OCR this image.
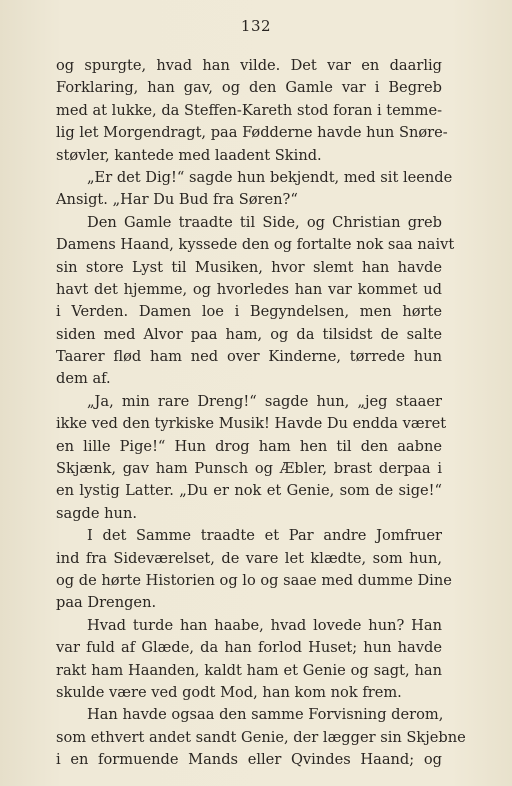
132
og spurgte, hvad han vilde. Det var en daarlig
Forklaring, han gav, og den Gamle var i Begreb
med at lukke, da Steffen-Kareth stod foran i temme-
lig let Morgendragt, paa Fødderne havde hun Snøre-
støvler, kantede med laadent Skind.
„Er det Dig!“ sagde hun bekjendt, med sit leende
Ansigt. „Har Du Bud fra Søren?“
Den Gamle traadte til Side, og Christian greb
Damens Haand, kyssede den og fortalte nok saa naivt
sin store Lyst til Musiken, hvor slemt han havde
havt det hjemme, og hvorledes han var kommet ud
i Verden. Damen loe i Begyndelsen, men hørte
siden med Alvor paa ham, og da tilsidst de salte
Taarer flød ham ned over Kinderne, tørrede hun
dem af.
„Ja, min rare Dreng!“ sagde hun, „jeg staaer
ikke ved den tyrkiske Musik! Havde Du endda været
en lille Pige!“ Hun drog ham hen til den aabne
Skjænk, gav ham Punsch og Æbler, brast derpaa i
en lystig Latter. „Du er nok et Genie, som de sige!“
sagde hun.
I det Samme traadte et Par andre Jomfruer
ind fra Sideværelset, de vare let klædte, som hun,
og de hørte Historien og lo og saae med dumme Dine
paa Drengen.
Hvad turde han haabe, hvad lovede hun? Han
var fuld af Glæde, da han forlod Huset; hun havde
rakt ham Haanden, kaldt ham et Genie og sagt, han
skulde være ved godt Mod, han kom nok frem.
Han havde ogsaa den samme Forvisning derom,
som ethvert andet sandt Genie, der lægger sin Skjebne
i en formuende Mands eller Qvindes Haand; og
